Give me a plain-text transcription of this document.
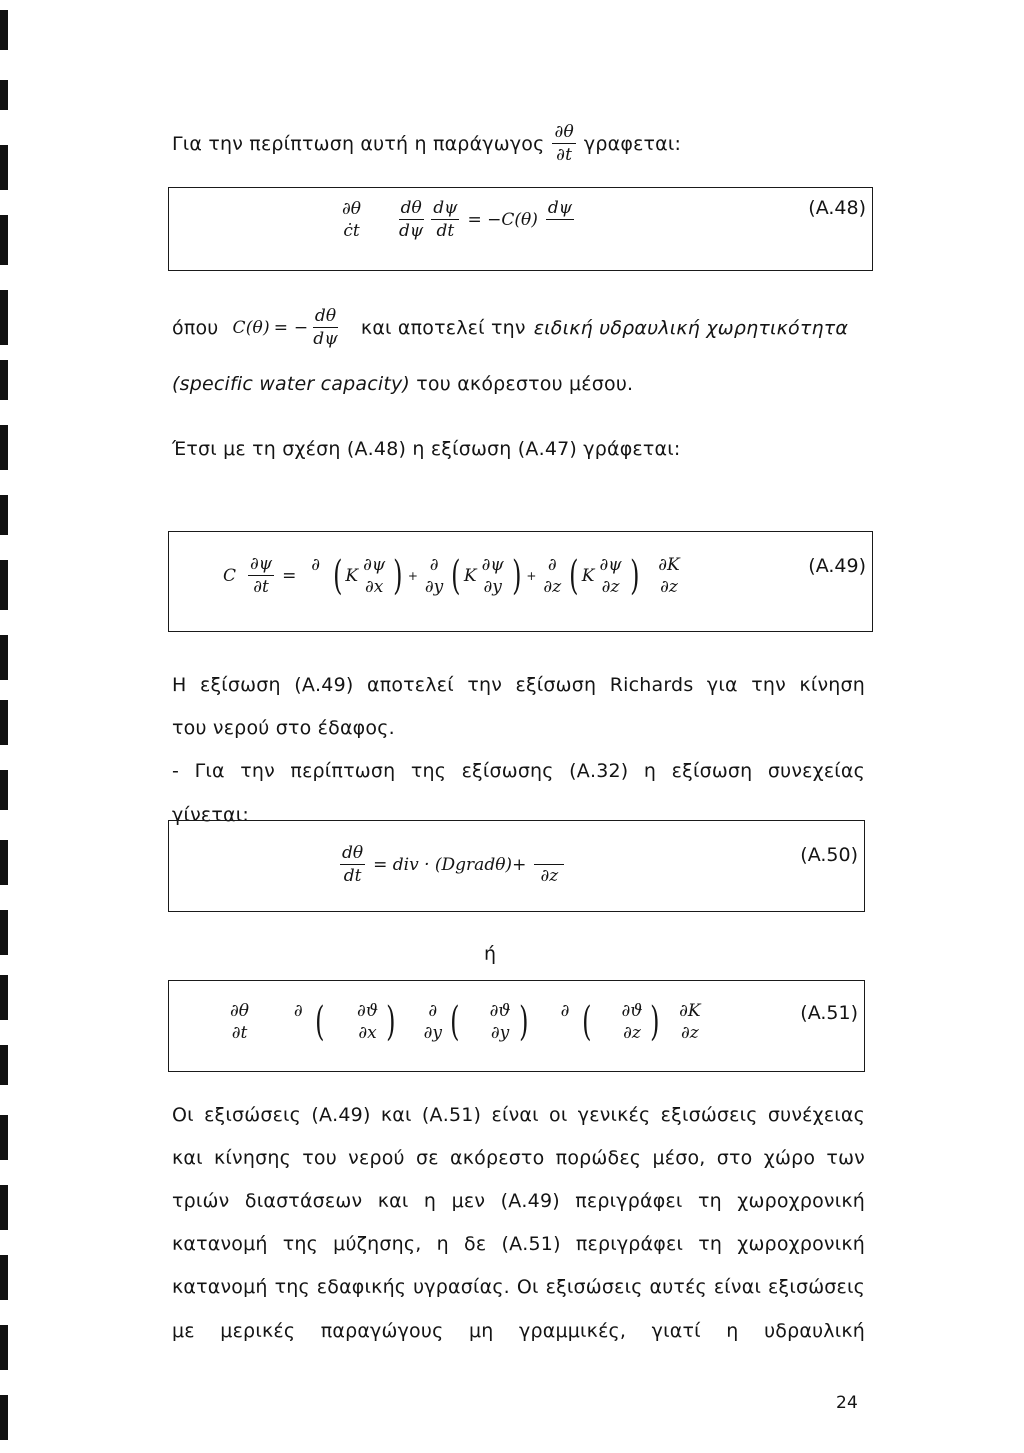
Για την περίπτωση αυτή η παράγωγος $\frac{\partial\theta}{\partial t} \gamma\rho\alpha\varphi\varepsilon\tau\alpha\iota$:
∂θ
ċt $\frac{d\theta}{d\psi} \frac{d\psi}{dt} = -C(\theta)$
dψ	(A.48)
όπου C(θ) = − $\frac{d\theta}{d\psi}$ και αποτελεί την ειδική υδραυλική χωρητικότητα
(specific water capacity) του ακόρεστου μέσου.
Έτσι με τη σχέση (Α.48) η εξίσωση (Α.47) γράφεται:
C $\frac{\partial\psi}{\partial t}$ =
∂ ( K
∂ψ
∂x ) +
∂
∂y ( K
∂ψ
∂y ) +
∂
∂z ( K
∂ψ
∂z ) ∂K
∂z
(A.49)
Η εξίσωση (Α.49) αποτελεί την εξίσωση Richards για την κίνηση
του νερού στο έδαφος.
- Για την περίπτωση της εξίσωσης (Α.32) η εξίσωση συνεχείας
γίνεται:
$\frac{d\theta}{dt}$ = div · (Dgradθ)+

∂z
(A.50)
ή
∂θ
∂t
∂ ( ∂ϑ
∂x ) ∂
∂y ( ∂ϑ
∂y ) ∂ ( ∂ϑ
∂z ) ∂K
∂z
(A.51)
Οι εξισώσεις (Α.49) και (Α.51) είναι οι γενικές εξισώσεις συνέχειας
και κίνησης του νερού σε ακόρεστο πορώδες μέσο, στο χώρο των
τριών διαστάσεων και η μεν (Α.49) περιγράφει τη χωροχρονική
κατανομή της μύζησης, η δε (Α.51) περιγράφει τη χωροχρονική
κατανομή της εδαφικής υγρασίας. Οι εξισώσεις αυτές είναι εξισώσεις
με μερικές παραγώγους μη γραμμικές, γιατί η υδραυλική
24
